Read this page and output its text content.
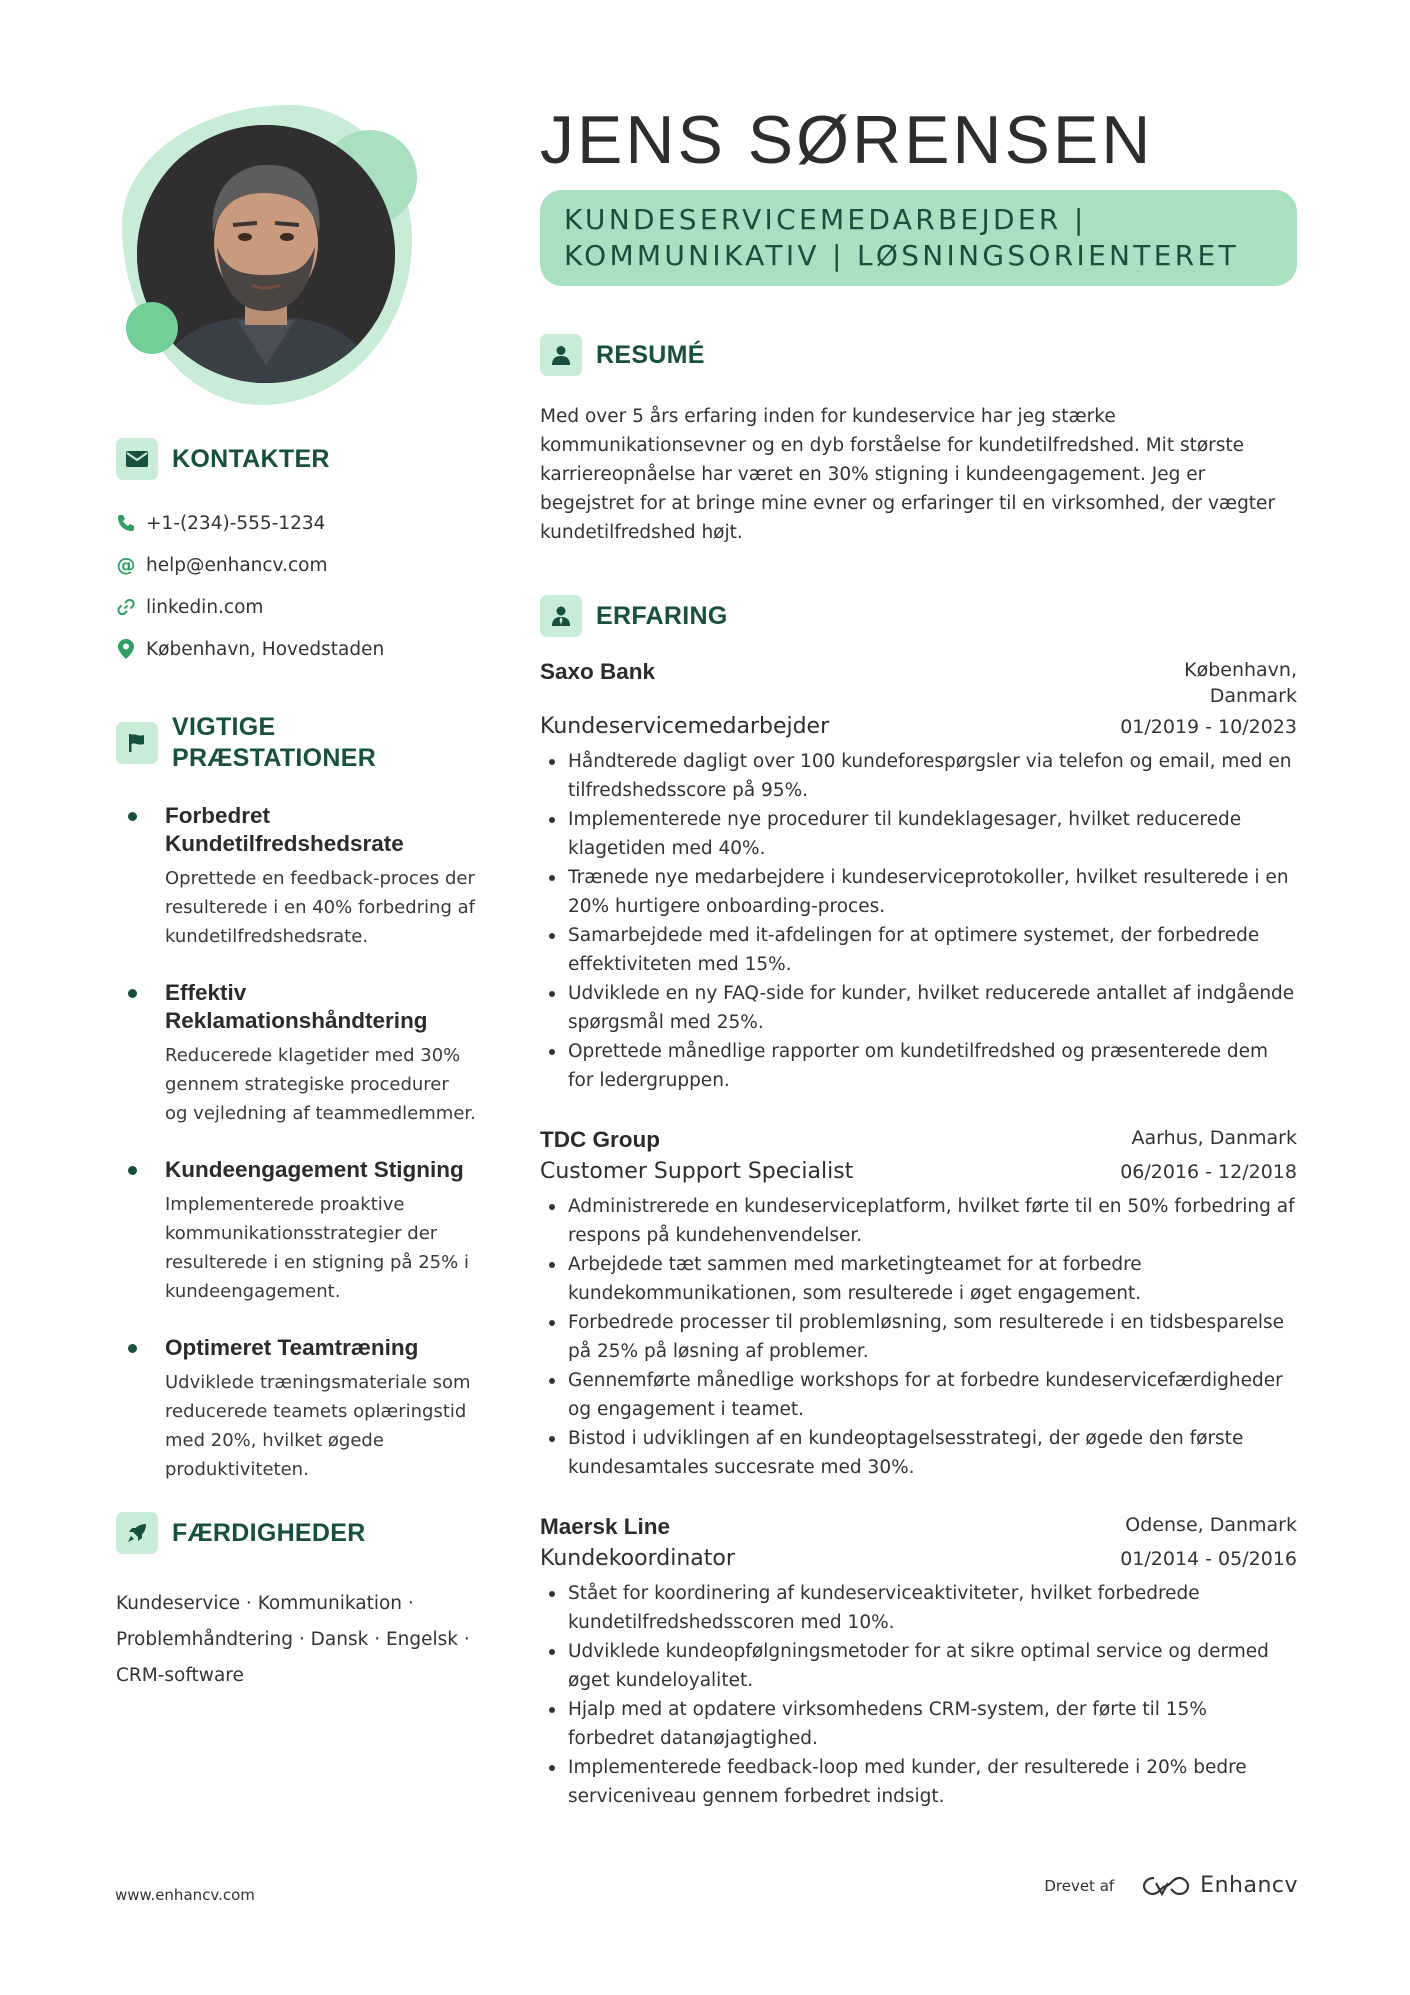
KONTAKTER
+1-(234)-555-1234
@ help@enhancv.com
linkedin.com
København, Hovedstaden
VIGTIGE PRÆSTATIONER
Forbedret Kundetilfredshedsrate
Oprettede en feedback-proces der resulterede i en 40% forbedring af kundetilfredshedsrate.
Effektiv Reklamationshåndtering
Reducerede klagetider med 30% gennem strategiske procedurer og vejledning af teammedlemmer.
Kundeengagement Stigning
Implementerede proaktive kommunikationsstrategier der resulterede i en stigning på 25% i kundeengagement.
Optimeret Teamtræning
Udviklede træningsmateriale som reducerede teamets oplæringstid med 20%, hvilket øgede produktiviteten.
FÆRDIGHEDER
Kundeservice · Kommunikation · Problemhåndtering · Dansk · Engelsk · CRM-software
JENS SØRENSEN
KUNDESERVICEMEDARBEJDER | KOMMUNIKATIV | LØSNINGSORIENTERET
RESUMÉ
Med over 5 års erfaring inden for kundeservice har jeg stærke kommunikationsevner og en dyb forståelse for kundetilfredshed. Mit største karriereopnåelse har været en 30% stigning i kundeengagement. Jeg er begejstret for at bringe mine evner og erfaringer til en virksomhed, der vægter kundetilfredshed højt.
ERFARING
Saxo Bank	København,
Danmark
Kundeservicemedarbejder	01/2019 - 10/2023
Håndterede dagligt over 100 kundeforespørgsler via telefon og email, med en tilfredshedsscore på 95%.
Implementerede nye procedurer til kundeklagesager, hvilket reducerede klagetiden med 40%.
Trænede nye medarbejdere i kundeserviceprotokoller, hvilket resulterede i en 20% hurtigere onboarding-proces.
Samarbejdede med it-afdelingen for at optimere systemet, der forbedrede effektiviteten med 15%.
Udviklede en ny FAQ-side for kunder, hvilket reducerede antallet af indgående spørgsmål med 25%.
Oprettede månedlige rapporter om kundetilfredshed og præsenterede dem for ledergruppen.
TDC Group	Aarhus, Danmark
Customer Support Specialist	06/2016 - 12/2018
Administrerede en kundeserviceplatform, hvilket førte til en 50% forbedring af respons på kundehenvendelser.
Arbejdede tæt sammen med marketingteamet for at forbedre kundekommunikationen, som resulterede i øget engagement.
Forbedrede processer til problemløsning, som resulterede i en tidsbesparelse på 25% på løsning af problemer.
Gennemførte månedlige workshops for at forbedre kundeservicefærdigheder og engagement i teamet.
Bistod i udviklingen af en kundeoptagelsesstrategi, der øgede den første kundesamtales succesrate med 30%.
Maersk Line	Odense, Danmark
Kundekoordinator	01/2014 - 05/2016
Stået for koordinering af kundeserviceaktiviteter, hvilket forbedrede kundetilfredshedsscoren med 10%.
Udviklede kundeopfølgningsmetoder for at sikre optimal service og dermed øget kundeloyalitet.
Hjalp med at opdatere virksomhedens CRM-system, der førte til 15% forbedret datanøjagtighed.
Implementerede feedback-loop med kunder, der resulterede i 20% bedre serviceniveau gennem forbedret indsigt.
www.enhancv.com
Drevet af	Enhancv
